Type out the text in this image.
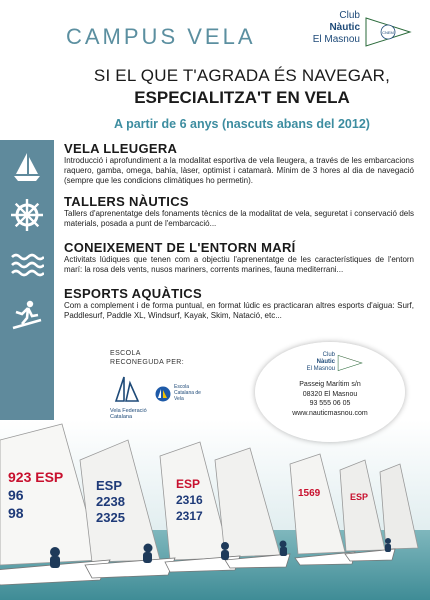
CAMPUS VELA
Club
Nàutic
El Masnou
CNEM
SI EL QUE T'AGRADA ÉS NAVEGAR,
ESPECIALITZA'T EN VELA
A partir de 6 anys (nascuts abans del 2012)
VELA LLEUGERA
Introducció i aprofundiment a la modalitat esportiva de vela lleugera, a través de les embarcacions raquero, gamba, omega, bahía, làser, optimist i catamarà. Mínim de 3 hores al dia de navegació (sempre que les condicions climàtiques ho permetin).
TALLERS NÀUTICS
Tallers d'aprenentatge dels fonaments tècnics de la modalitat de vela, seguretat i conservació dels materials, posada a punt de l'embarcació...
CONEIXEMENT DE L'ENTORN MARÍ
Activitats lúdiques que tenen com a objectiu l'aprenentatge de les característiques de l'entorn marí: la rosa dels vents, nusos mariners, corrents marines, fauna mediterrani...
ESPORTS AQUÀTICS
Com a complement i de forma puntual, en format lúdic es practicaran altres esports d'aigua: Surf, Paddlesurf, Paddle XL, Windsurf, Kayak, Skim, Natació, etc...
923 ESP
96
98
ESP
2238
2325
ESP
2316
2317
1569	ESP
ESCOLA
RECONEGUDA PER:
Vela Federació Catalana
Escola Catalana de Vela
Club
Nàutic
El Masnou
Passeig Marítim s/n
08320 El Masnou
93 555 06 05
www.nauticmasnou.com
